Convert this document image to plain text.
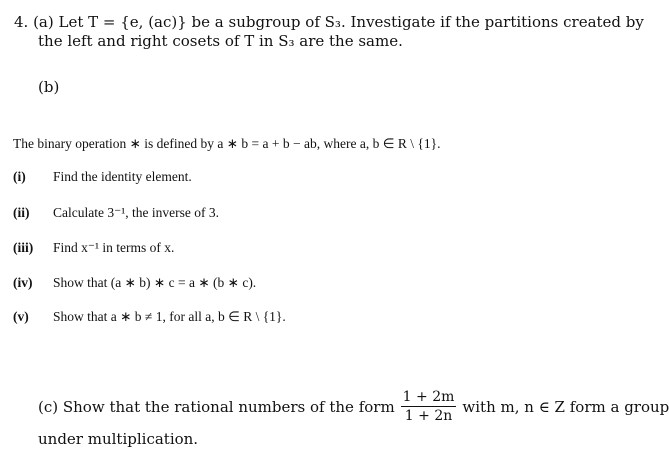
4. (a) Let T = {e, (ac)} be a subgroup of S₃. Investigate if the partitions created by
the left and right cosets of T in S₃ are the same.
(b)
The binary operation ∗ is defined by a ∗ b = a + b − ab, where a, b ∈ R \ {1}.
(i) Find the identity element.
(ii) Calculate 3⁻¹, the inverse of 3.
(iii) Find x⁻¹ in terms of x.
(iv) Show that (a ∗ b) ∗ c = a ∗ (b ∗ c).
(v) Show that a ∗ b ≠ 1, for all a, b ∈ R \ {1}.
(c) Show that the rational numbers of the form $\frac{1 + 2m}{1 + 2n}$ with m, n ∈ Z form a group
under multiplication.
